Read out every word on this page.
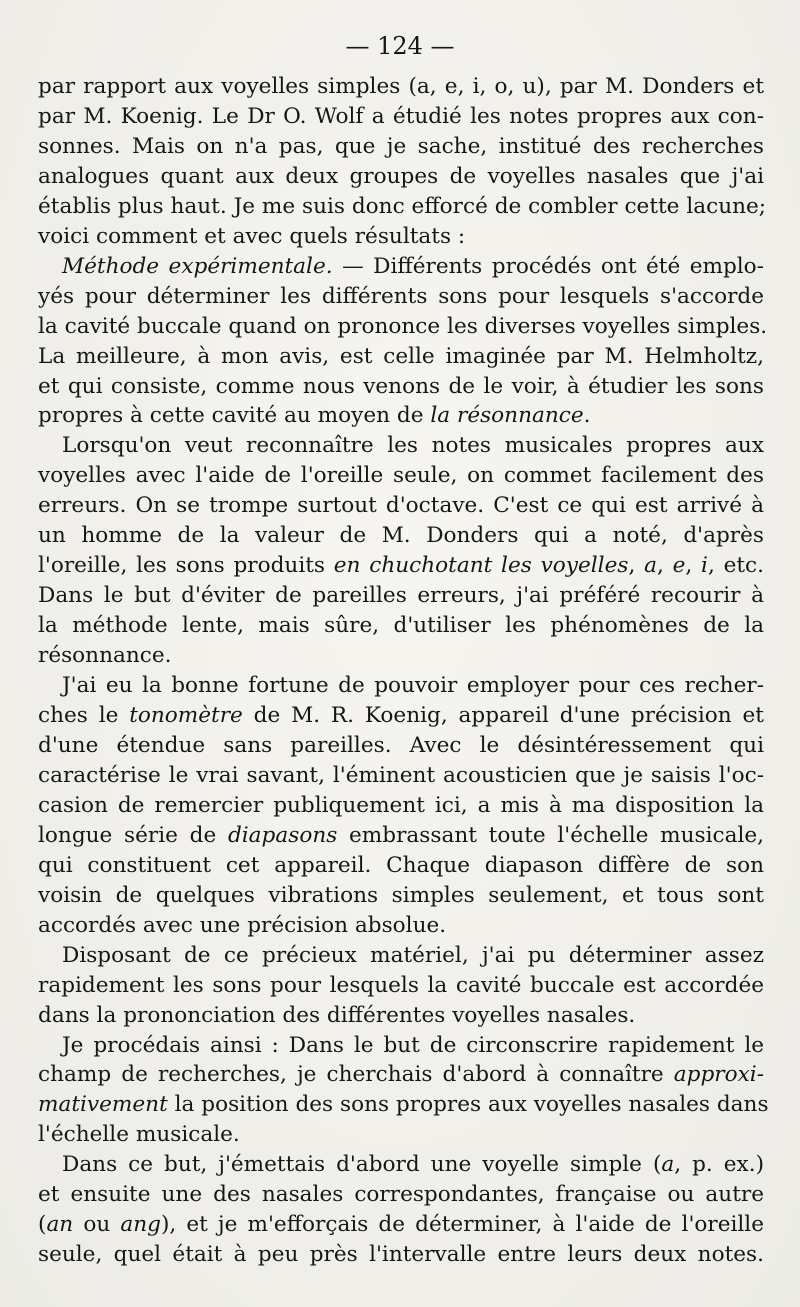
— 124 —
par rapport aux voyelles simples (a, e, i, o, u), par M. Donders et
par M. Koenig. Le Dr O. Wolf a étudié les notes propres aux con-
sonnes. Mais on n'a pas, que je sache, institué des recherches
analogues quant aux deux groupes de voyelles nasales que j'ai
établis plus haut. Je me suis donc efforcé de combler cette lacune;
voici comment et avec quels résultats :
Méthode expérimentale. — Différents procédés ont été emplo-
yés pour déterminer les différents sons pour lesquels s'accorde
la cavité buccale quand on prononce les diverses voyelles simples.
La meilleure, à mon avis, est celle imaginée par M. Helmholtz,
et qui consiste, comme nous venons de le voir, à étudier les sons
propres à cette cavité au moyen de la résonnance.
Lorsqu'on veut reconnaître les notes musicales propres aux
voyelles avec l'aide de l'oreille seule, on commet facilement des
erreurs. On se trompe surtout d'octave. C'est ce qui est arrivé à
un homme de la valeur de M. Donders qui a noté, d'après
l'oreille, les sons produits en chuchotant les voyelles, a, e, i, etc.
Dans le but d'éviter de pareilles erreurs, j'ai préféré recourir à
la méthode lente, mais sûre, d'utiliser les phénomènes de la
résonnance.
J'ai eu la bonne fortune de pouvoir employer pour ces recher-
ches le tonomètre de M. R. Koenig, appareil d'une précision et
d'une étendue sans pareilles. Avec le désintéressement qui
caractérise le vrai savant, l'éminent acousticien que je saisis l'oc-
casion de remercier publiquement ici, a mis à ma disposition la
longue série de diapasons embrassant toute l'échelle musicale,
qui constituent cet appareil. Chaque diapason diffère de son
voisin de quelques vibrations simples seulement, et tous sont
accordés avec une précision absolue.
Disposant de ce précieux matériel, j'ai pu déterminer assez
rapidement les sons pour lesquels la cavité buccale est accordée
dans la prononciation des différentes voyelles nasales.
Je procédais ainsi : Dans le but de circonscrire rapidement le
champ de recherches, je cherchais d'abord à connaître approxi-
mativement la position des sons propres aux voyelles nasales dans
l'échelle musicale.
Dans ce but, j'émettais d'abord une voyelle simple (a, p. ex.)
et ensuite une des nasales correspondantes, française ou autre
(an ou ang), et je m'efforçais de déterminer, à l'aide de l'oreille
seule, quel était à peu près l'intervalle entre leurs deux notes.
